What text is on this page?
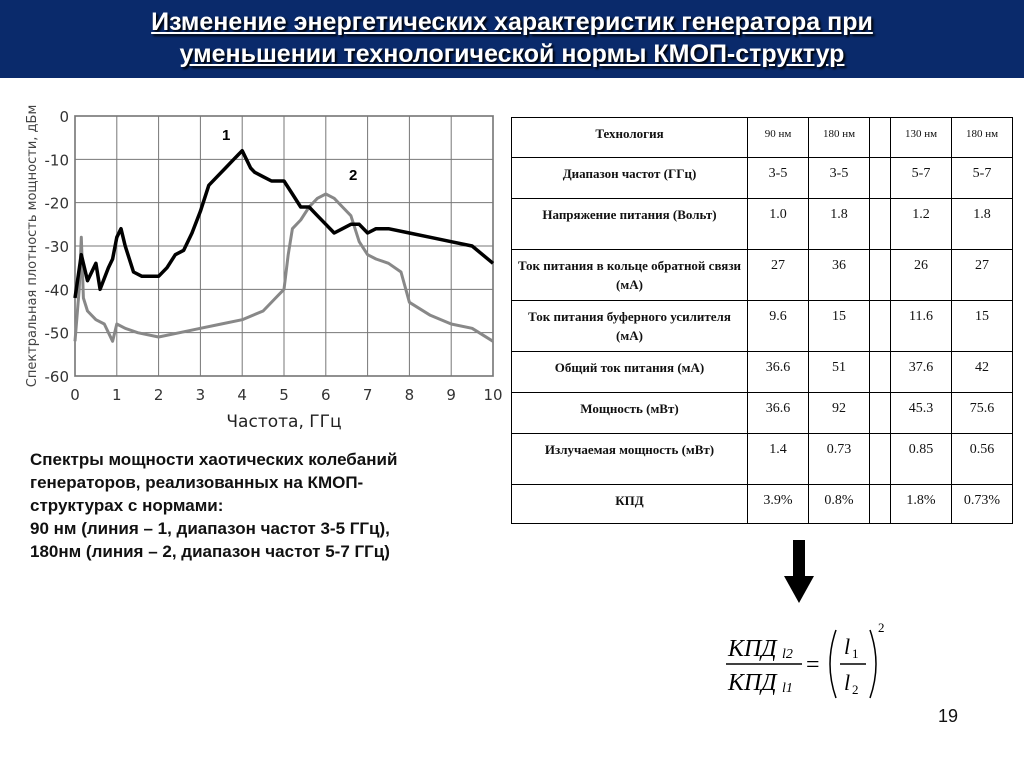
Изменение энергетических характеристик генератора при
уменьшении технологической нормы КМОП-структур
0
-10
-20
-30
-40
-50
-60
0 1 2 3 4 5 6 7 8 9 10
1
2
Частота, ГГц
Спектральная плотность мощности, дБм
Спектры мощности хаотических колебаний
генераторов, реализованных на КМОП-
структурах с нормами:
90 нм (линия – 1, диапазон частот 3-5 ГГц),
180нм (линия – 2, диапазон частот 5-7 ГГц)
Технология	90 нм	180 нм		130 нм	180 нм
Диапазон частот (ГГц)	3-5	3-5		5-7	5-7
Напряжение питания (Вольт)	1.0	1.8		1.2	1.8
Ток питания в кольце обратной связи (мА)	27	36		26	27
Ток питания буферного усилителя (мА)	9.6	15		11.6	15
Общий ток питания (мА)	36.6	51		37.6	42
Мощность (мВт)	36.6	92		45.3	75.6
Излучаемая мощность (мВт)	1.4	0.73		0.85	0.56
КПД	3.9%	0.8%		1.8%	0.73%
КПД l2
КПД l1
=
l 1
l 2
2
19
